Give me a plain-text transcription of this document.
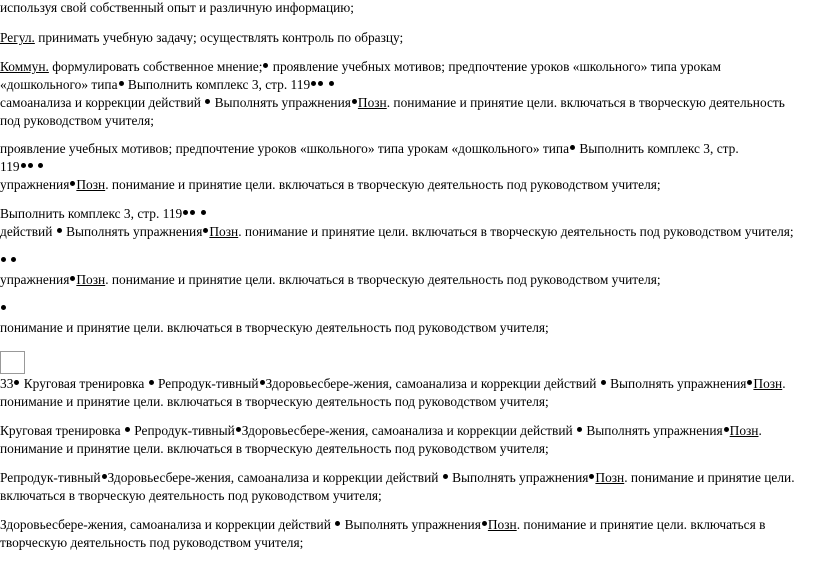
используя свой собственный опыт и различную информацию;
Регул. принимать учебную задачу; осуществлять контроль по образцу;
Коммун. формулировать собственное мнение; проявление учебных мотивов; предпочтение уроков «школьного» типа урокам
«дошкольного» типа Выполнить комплекс 3, стр. 119
самоанализа и коррекции действий  Выполнять упражнения Позн. понимание и принятие цели. включаться в творческую деятельность
под руководством учителя;
проявление учебных мотивов; предпочтение уроков «школьного» типа урокам «дошкольного» типа Выполнить комплекс 3, стр.
119
упражнения Позн. понимание и принятие цели. включаться в творческую деятельность под руководством учителя;
Выполнить комплекс 3, стр. 119
действий  Выполнять упражнения Позн. понимание и принятие цели. включаться в творческую деятельность под руководством учителя;

упражнения Позн. понимание и принятие цели. включаться в творческую деятельность под руководством учителя;
понимание и принятие цели. включаться в творческую деятельность под руководством учителя;
33 Круговая тренировка  Репродук-тивный Здоровьесбере-жения, самоанализа и коррекции действий  Выполнять упражнения Позн.
понимание и принятие цели. включаться в творческую деятельность под руководством учителя;
Круговая тренировка  Репродук-тивный Здоровьесбере-жения, самоанализа и коррекции действий  Выполнять упражнения Позн.
понимание и принятие цели. включаться в творческую деятельность под руководством учителя;
Репродук-тивный Здоровьесбере-жения, самоанализа и коррекции действий  Выполнять упражнения Позн. понимание и принятие цели.
включаться в творческую деятельность под руководством учителя;
Здоровьесбере-жения, самоанализа и коррекции действий  Выполнять упражнения Позн. понимание и принятие цели. включаться в
творческую деятельность под руководством учителя;
